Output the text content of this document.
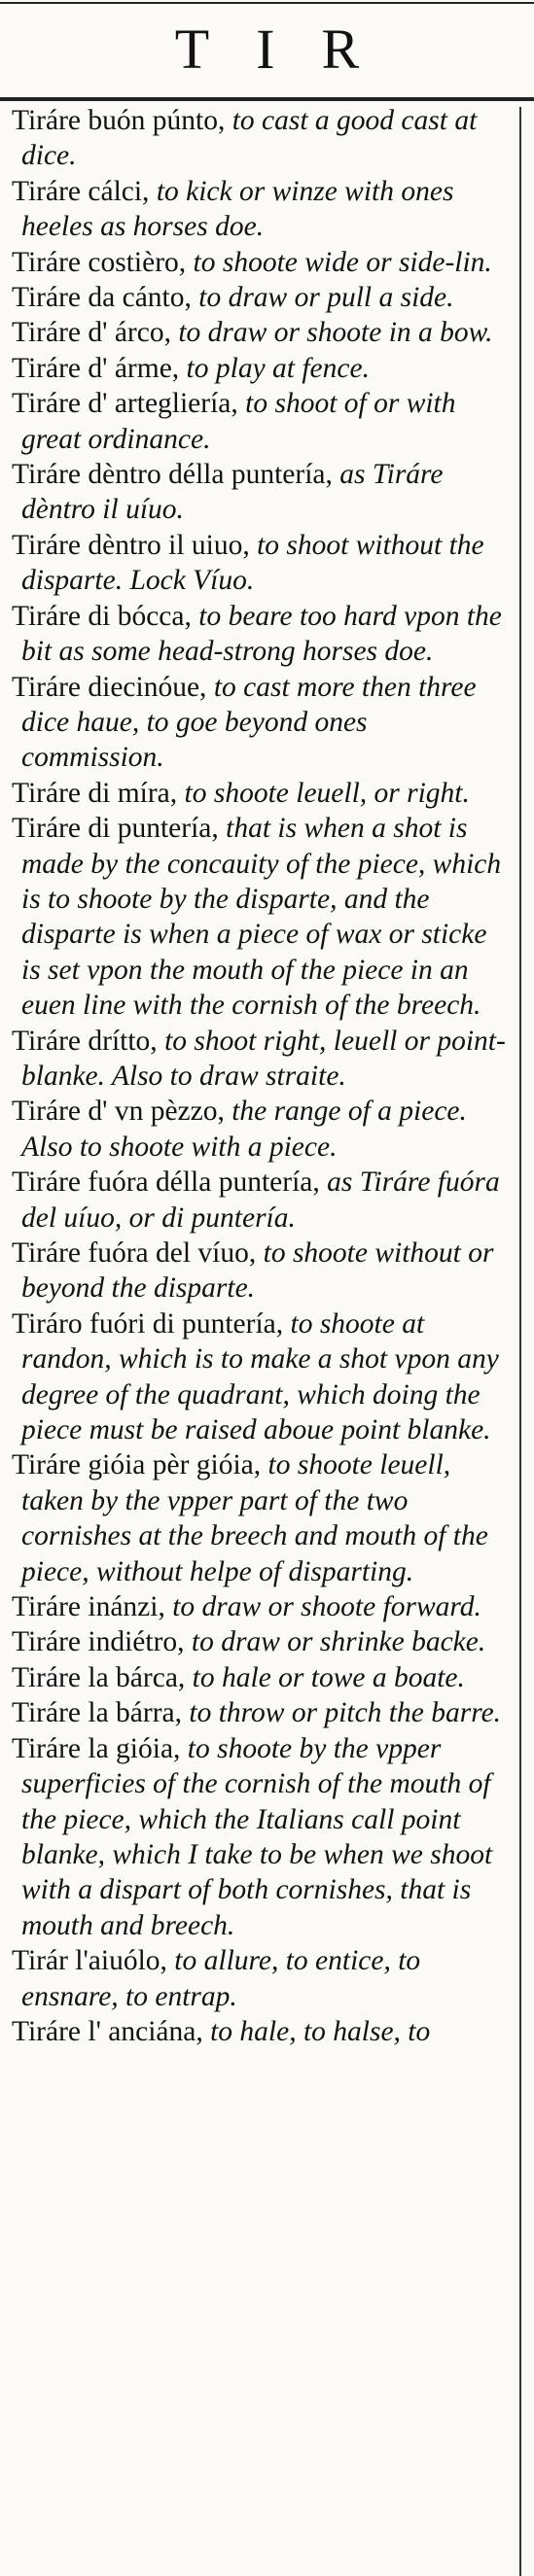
TIR

Tiráre buón púnto, to cast a good cast at dice.

Tiráre cálci, to kick or winze with ones heeles as horses doe.

Tiráre costièro, to shoote wide or side-lin.

Tiráre da cánto, to draw or pull a side.

Tiráre d' árco, to draw or shoote in a bow.

Tiráre d' árme, to play at fence.

Tiráre d' artegliería, to shoot of or with great ordinance.

Tiráre dèntro délla puntería, as Tiráre dèntro il uíuo.

Tiráre dèntro il uiuo, to shoot without the disparte. Lock Víuo.

Tiráre di bócca, to beare too hard vpon the bit as some head-strong horses doe.

Tiráre diecinóue, to cast more then three dice haue, to goe beyond ones commission.

Tiráre di míra, to shoote leuell, or right.

Tiráre di puntería, that is when a shot is made by the concauity of the piece, which is to shoote by the disparte, and the disparte is when a piece of wax or sticke is set vpon the mouth of the piece in an euen line with the cornish of the breech.

Tiráre drítto, to shoot right, leuell or point-blanke. Also to draw straite.

Tiráre d' vn pèzzo, the range of a piece. Also to shoote with a piece.

Tiráre fuóra délla puntería, as Tiráre fuóra del uíuo, or di puntería.

Tiráre fuóra del víuo, to shoote without or beyond the disparte.

Tiráro fuóri di puntería, to shoote at randon, which is to make a shot vpon any degree of the quadrant, which doing the piece must be raised aboue point blanke.

Tiráre gióia pèr gióia, to shoote leuell, taken by the vpper part of the two cornishes at the breech and mouth of the piece, without helpe of disparting.

Tiráre inánzi, to draw or shoote forward.

Tiráre indiétro, to draw or shrinke backe.

Tiráre la bárca, to hale or towe a boate.

Tiráre la bárra, to throw or pitch the barre.

Tiráre la gióia, to shoote by the vpper superficies of the cornish of the mouth of the piece, which the Italians call point blanke, which I take to be when we shoot with a dispart of both cornishes, that is mouth and breech.

Tirár l'aiuólo, to allure, to entice, to ensnare, to entrap.

Tiráre l' anciána, to hale, to halse, to
